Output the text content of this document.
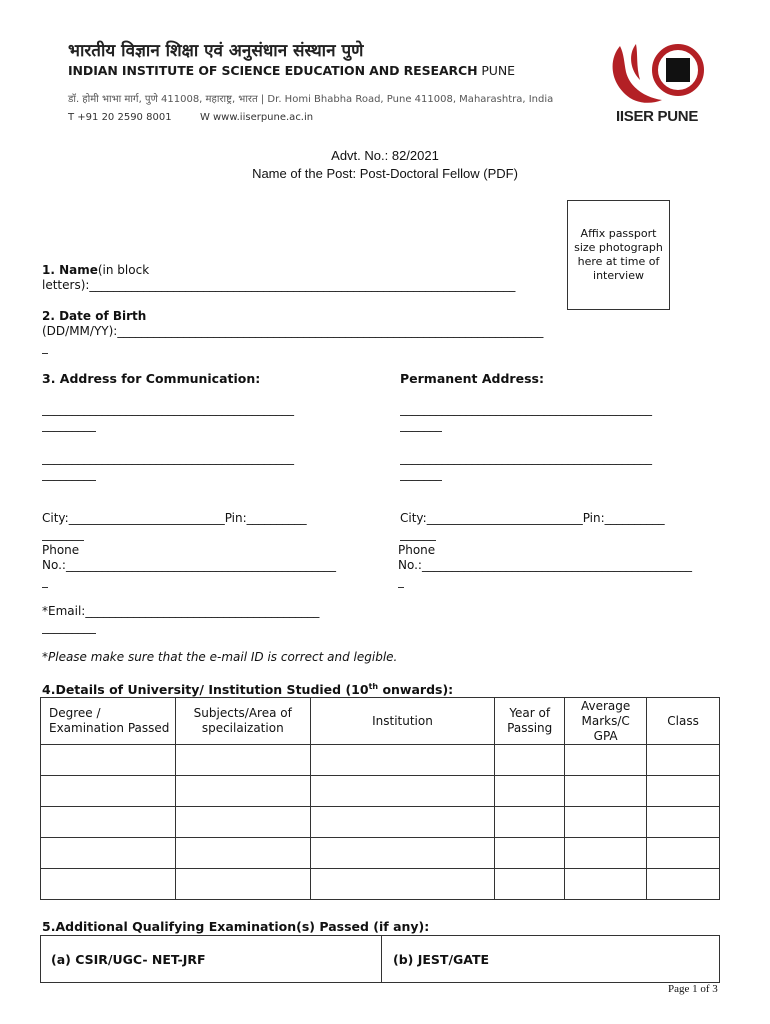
भारतीय विज्ञान शिक्षा एवं अनुसंधान संस्थान पुणे
INDIAN INSTITUTE OF SCIENCE EDUCATION AND RESEARCH PUNE
डॉ. होमी भाभा मार्ग, पुणे 411008, महाराष्ट्र, भारत | Dr. Homi Bhabha Road, Pune 411008, Maharashtra, India
T +91 20 2590 8001	W www.iiserpune.ac.in	IISER PUNE
Advt. No.: 82/2021
Name of the Post: Post-Doctoral Fellow (PDF)
1. Name(in block
letters):_______________________________________________________________________
Affix passport size photograph here at time of interview
2. Date of Birth
(DD/MM/YY):_______________________________________________________________________
_
3. Address for Communication:	Permanent Address:
__________________________________________
_________
__________________________________________
_________
__________________________________________
_______
__________________________________________
_______
City:__________________________Pin:__________
_______
City:__________________________Pin:__________
______
Phone
No.:_____________________________________________
_
Phone
No.:_____________________________________________
_
*Email:_______________________________________
_________
*Please make sure that the e-mail ID is correct and legible.
4.Details of University/ Institution Studied (10th onwards):
Degree / Examination Passed	Subjects/Area of specilaization	Institution	Year of Passing	Average Marks/C GPA	Class

5.Additional Qualifying Examination(s) Passed (if any):
(a) CSIR/UGC- NET-JRF	(b) JEST/GATE
Page 1 of 3
